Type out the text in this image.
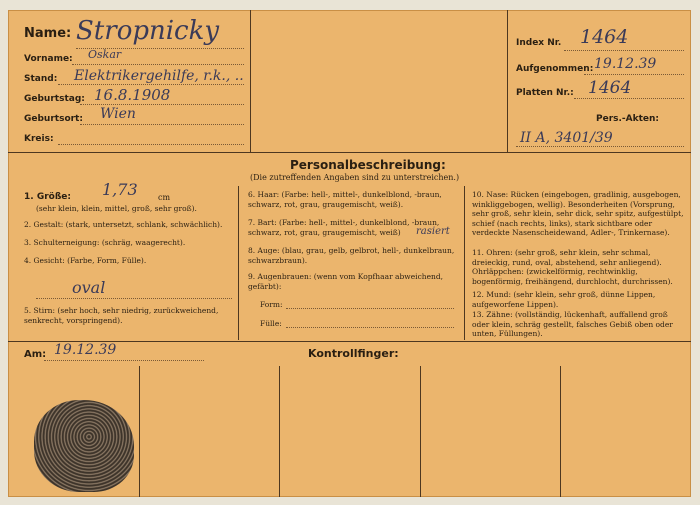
Name: Stropnicky
Vorname: Oskar
Stand: Elektrikergehilfe, r.k., ..
Geburtstag: 16.8.1908
Geburtsort: Wien
Kreis:
Index Nr. 1464
Aufgenommen: 19.12.39
Platten Nr.: 1464
Pers.-Akten:
II A, 3401/39
Personalbeschreibung:
(Die zutreffenden Angaben sind zu unterstreichen.)
1. Größe: 1,73	cm
(sehr klein, klein, mittel, groß, sehr groß).
2. Gestalt: (stark, untersetzt, schlank, schwächlich).
3. Schulterneigung: (schräg, waagerecht).
4. Gesicht: (Farbe, Form, Fülle).
oval
5. Stirn: (sehr hoch, sehr niedrig, zurückweichend, senkrecht, vorspringend).
6. Haar: (Farbe: hell-, mittel-, dunkelblond, -braun, schwarz, rot, grau, graugemischt, weiß).
7. Bart: (Farbe: hell-, mittel-, dunkelblond, -braun, schwarz, rot, grau, graugemischt, weiß)	rasiert
8. Auge: (blau, grau, gelb, gelbrot, hell-, dunkelbraun, schwarzbraun).
9. Augenbrauen: (wenn vom Kopfhaar abweichend, gefärbt):
Form:
Fülle:
10. Nase: Rücken (eingebogen, gradlinig, ausgebogen, winkliggebogen, wellig). Besonderheiten (Vorsprung, sehr groß, sehr klein, sehr dick, sehr spitz, aufgestülpt, schief (nach rechts, links), stark sichtbare oder verdeckte Nasenscheidewand, Adler-, Trinkernase).
11. Ohren: (sehr groß, sehr klein, sehr schmal, dreieckig, rund, oval, abstehend, sehr anliegend). Ohrläppchen: (zwickelförmig, rechtwinklig, bogenförmig, freihängend, durchlocht, durchrissen).
12. Mund: (sehr klein, sehr groß, dünne Lippen, aufgeworfene Lippen).
13. Zähne: (vollständig, lückenhaft, auffallend groß oder klein, schräg gestellt, falsches Gebiß oben oder unten, Füllungen).
Am: 19.12.39	Kontrollfinger:
